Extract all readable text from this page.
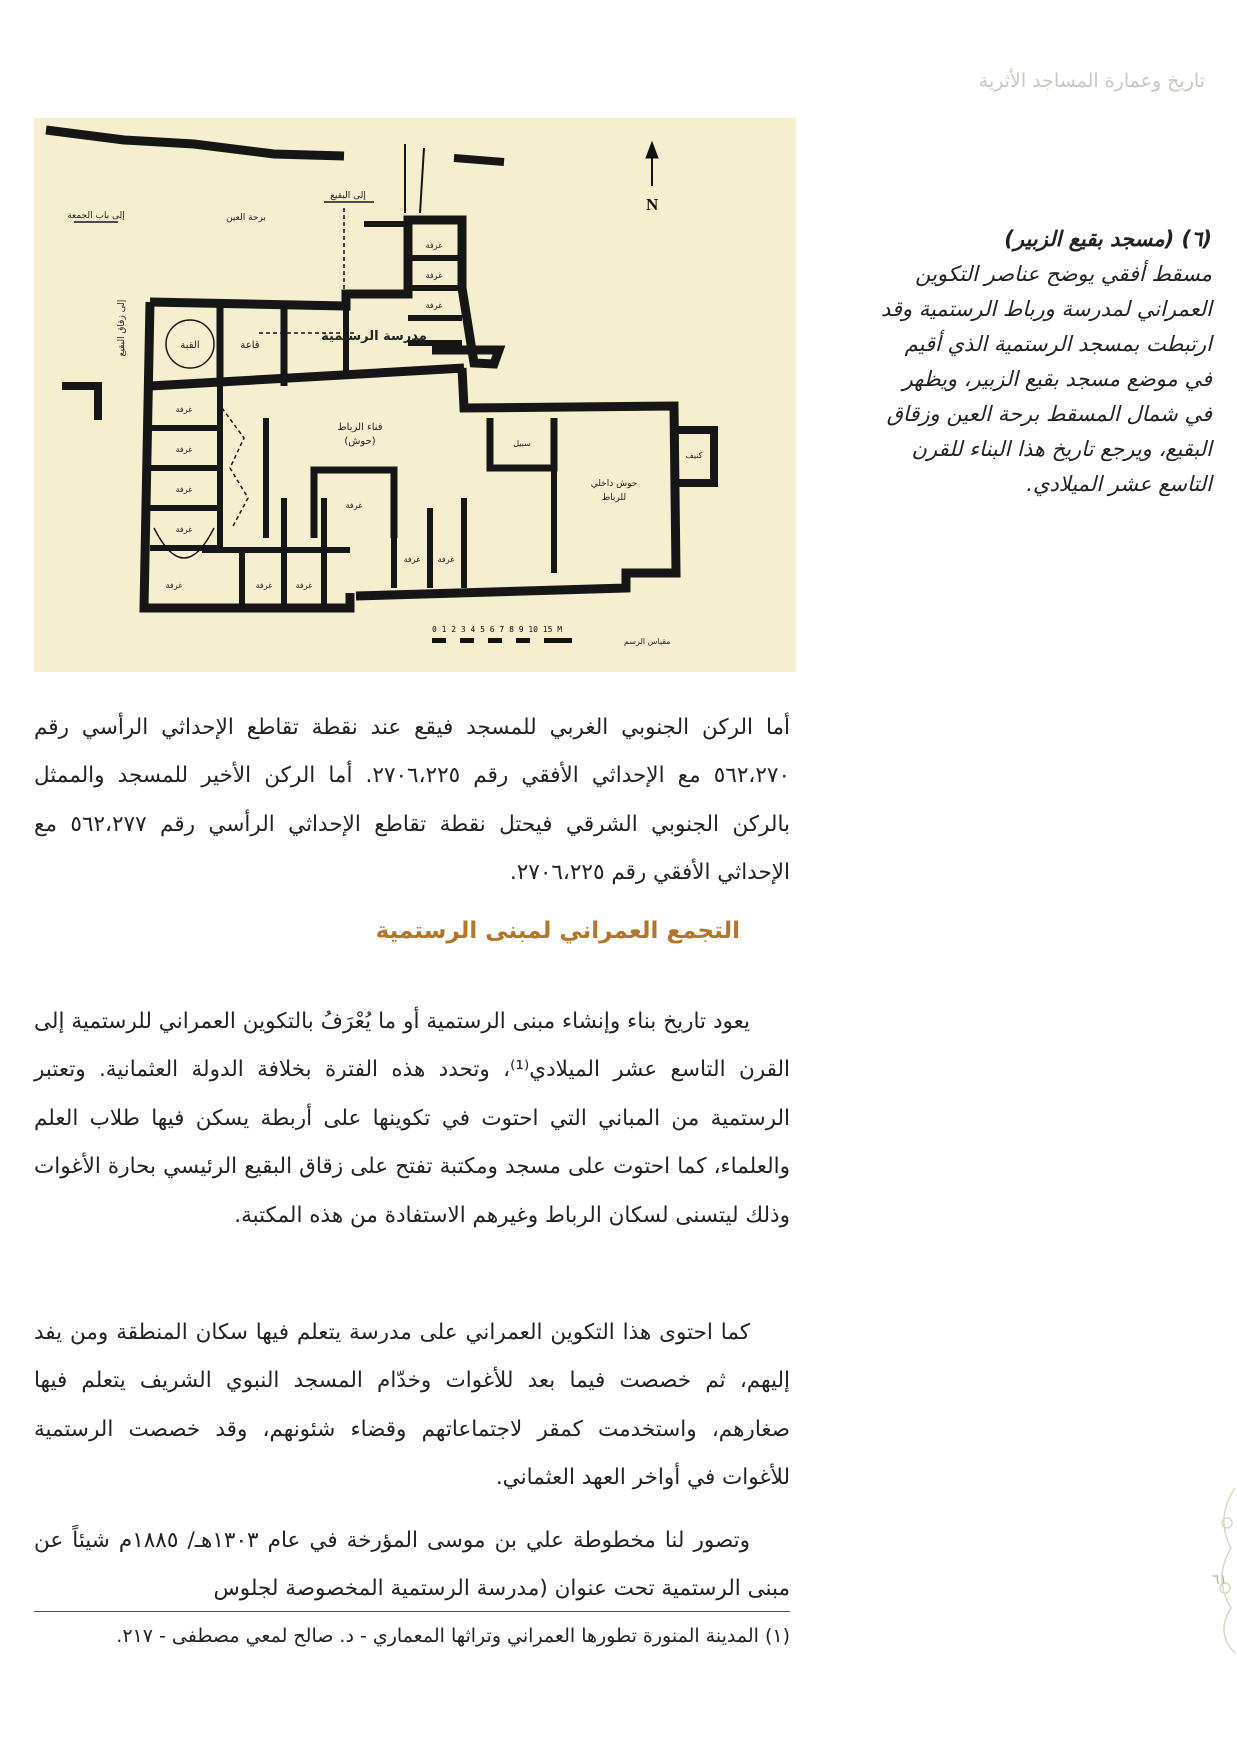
تاريخ وعمارة المساجد الأثرية
N
إلى باب الجمعة	برحة العين
إلى البقيع
إلى زقاق البقيع	القبة	قاعة
مدرسة الرستمية
فناء الرباط
(حوش)
حوش داخلي
للرباط
سبيل
كنيف
غرفة
غرفة
غرفة
غرفة
غرفة	غرفة	غرفة
غرفة
غرفة غرفة
غرفة
غرفة
غرفة
0 1 2 3 4 5 6 7 8 9 10 15 M
مقياس الرسم
(٦) (مسجد بقيع الزبير)
مسقط أفقي يوضح عناصر التكوين
العمراني لمدرسة ورباط الرستمية وقد
ارتبطت بمسجد الرستمية الذي أقيم
في موضع مسجد بقيع الزبير، ويظهر
في شمال المسقط برحة العين وزقاق
البقيع، ويرجع تاريخ هذا البناء للقرن
التاسع عشر الميلادي.

أما الركن الجنوبي الغربي للمسجد فيقع عند نقطة تقاطع الإحداثي الرأسي رقم ٥٦٢،٢٧٠ مع الإحداثي الأفقي رقم ٢٧٠٦،٢٢٥. أما الركن الأخير للمسجد والممثل بالركن الجنوبي الشرقي فيحتل نقطة تقاطع الإحداثي الرأسي رقم ٥٦٢،٢٧٧ مع الإحداثي الأفقي رقم ٢٧٠٦،٢٢٥.

التجمع العمراني لمبنى الرستمية

يعود تاريخ بناء وإنشاء مبنى الرستمية أو ما يُعْرَفُ بالتكوين العمراني للرستمية إلى القرن التاسع عشر الميلادي⁽¹⁾، وتحدد هذه الفترة بخلافة الدولة العثمانية. وتعتبر الرستمية من المباني التي احتوت في تكوينها على أربطة يسكن فيها طلاب العلم والعلماء، كما احتوت على مسجد ومكتبة تفتح على زقاق البقيع الرئيسي بحارة الأغوات وذلك ليتسنى لسكان الرباط وغيرهم الاستفادة من هذه المكتبة.

كما احتوى هذا التكوين العمراني على مدرسة يتعلم فيها سكان المنطقة ومن يفد إليهم، ثم خصصت فيما بعد للأغوات وخدّام المسجد النبوي الشريف يتعلم فيها صغارهم، واستخدمت كمقر لاجتماعاتهم وقضاء شئونهم، وقد خصصت الرستمية للأغوات في أواخر العهد العثماني.

وتصور لنا مخطوطة علي بن موسى المؤرخة في عام ١٣٠٣هـ/ ١٨٨٥م شيئاً عن مبنى الرستمية تحت عنوان (مدرسة الرستمية المخصوصة لجلوس

(١) المدينة المنورة تطورها العمراني وتراثها المعماري - د. صالح لمعي مصطفى - ٢١٧.
٦١
